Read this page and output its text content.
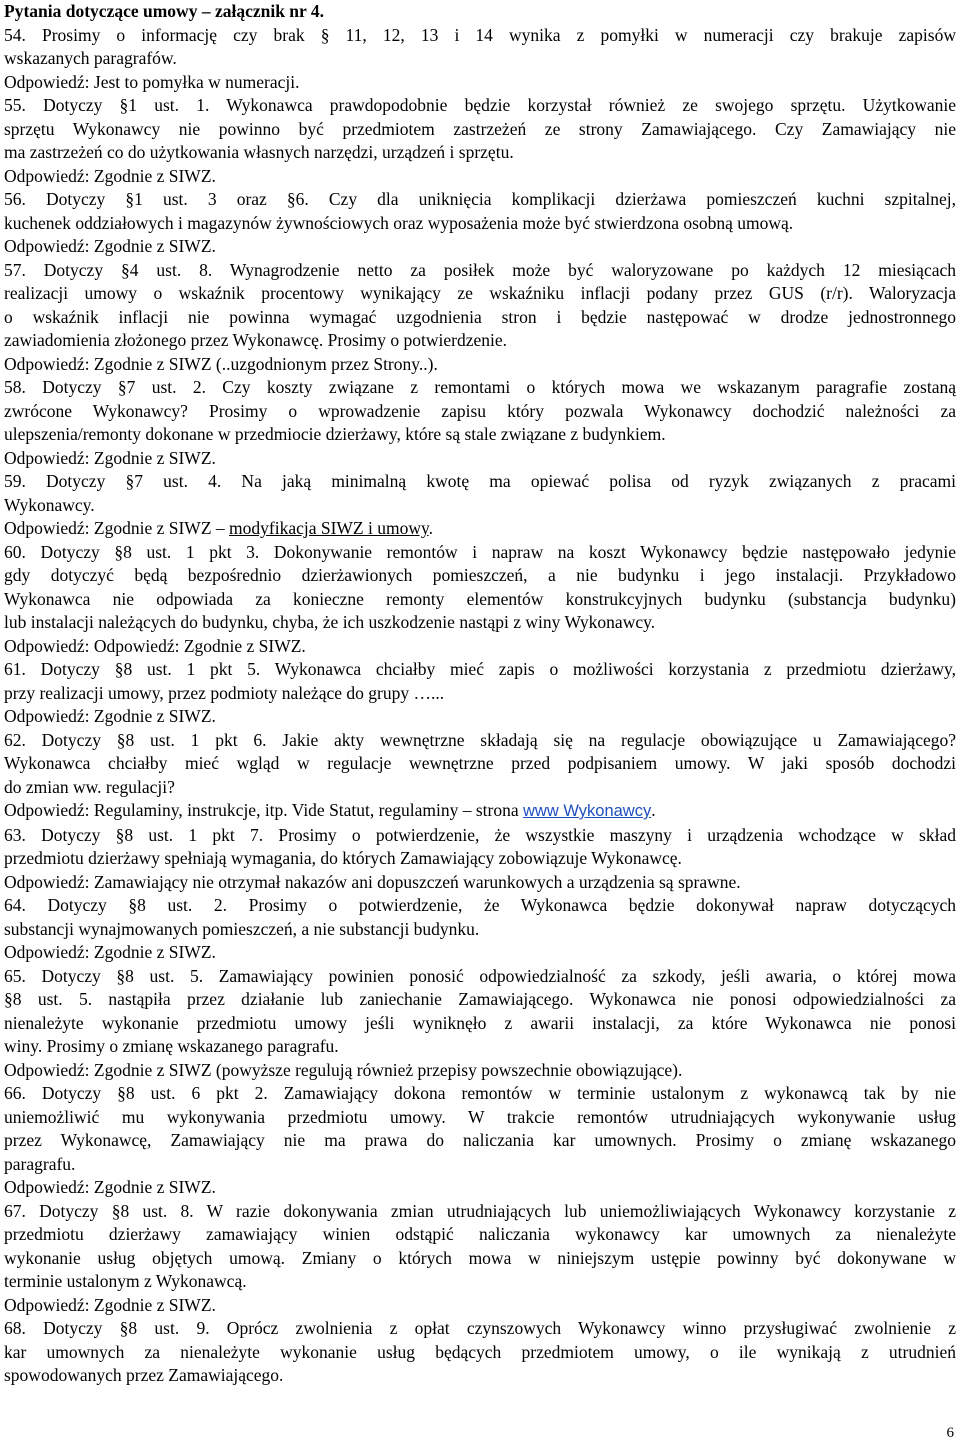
Pytania dotyczące umowy – załącznik nr 4.

54. Prosimy o informację czy brak § 11, 12, 13 i 14 wynika z pomyłki w numeracji czy brakuje zapisów

wskazanych paragrafów.

Odpowiedź: Jest to pomyłka w numeracji.

55. Dotyczy §1 ust. 1. Wykonawca prawdopodobnie będzie korzystał również ze swojego sprzętu. Użytkowanie

sprzętu Wykonawcy nie powinno być przedmiotem zastrzeżeń ze strony Zamawiającego. Czy Zamawiający nie

ma zastrzeżeń co do użytkowania własnych narzędzi, urządzeń i sprzętu.

Odpowiedź: Zgodnie z SIWZ.

56. Dotyczy §1 ust. 3 oraz §6. Czy dla uniknięcia komplikacji dzierżawa pomieszczeń kuchni szpitalnej,

kuchenek oddziałowych i magazynów żywnościowych oraz wyposażenia może być stwierdzona osobną umową.

Odpowiedź: Zgodnie z SIWZ.

57. Dotyczy §4 ust. 8. Wynagrodzenie netto za posiłek może być waloryzowane po każdych 12 miesiącach

realizacji umowy o wskaźnik procentowy wynikający ze wskaźniku inflacji podany przez GUS (r/r). Waloryzacja

o wskaźnik inflacji nie powinna wymagać uzgodnienia stron i będzie następować w drodze jednostronnego

zawiadomienia złożonego przez Wykonawcę. Prosimy o potwierdzenie.

Odpowiedź: Zgodnie z SIWZ (..uzgodnionym przez Strony..).

58. Dotyczy §7 ust. 2. Czy koszty związane z remontami o których mowa we wskazanym paragrafie zostaną

zwrócone Wykonawcy? Prosimy o wprowadzenie zapisu który pozwala Wykonawcy dochodzić należności za

ulepszenia/remonty dokonane w przedmiocie dzierżawy, które są stale związane z budynkiem.

Odpowiedź: Zgodnie z SIWZ.

59. Dotyczy §7 ust. 4. Na jaką minimalną kwotę ma opiewać polisa od ryzyk związanych z pracami

Wykonawcy.

Odpowiedź: Zgodnie z SIWZ – modyfikacja SIWZ i umowy.

60. Dotyczy §8 ust. 1 pkt 3. Dokonywanie remontów i napraw na koszt Wykonawcy będzie następowało jedynie

gdy dotyczyć będą bezpośrednio dzierżawionych pomieszczeń, a nie budynku i jego instalacji. Przykładowo

Wykonawca nie odpowiada za konieczne remonty elementów konstrukcyjnych budynku (substancja budynku)

lub instalacji należących do budynku, chyba, że ich uszkodzenie nastąpi z winy Wykonawcy.

Odpowiedź: Odpowiedź: Zgodnie z SIWZ.

61. Dotyczy §8 ust. 1 pkt 5. Wykonawca chciałby mieć zapis o możliwości korzystania z przedmiotu dzierżawy,

przy realizacji umowy, przez podmioty należące do grupy …...

Odpowiedź: Zgodnie z SIWZ.

62. Dotyczy §8 ust. 1 pkt 6. Jakie akty wewnętrzne składają się na regulacje obowiązujące u Zamawiającego?

Wykonawca chciałby mieć wgląd w regulacje wewnętrzne przed podpisaniem umowy. W jaki sposób dochodzi

do zmian ww. regulacji?

Odpowiedź: Regulaminy, instrukcje, itp. Vide Statut, regulaminy – strona www Wykonawcy.

63. Dotyczy §8 ust. 1 pkt 7. Prosimy o potwierdzenie, że wszystkie maszyny i urządzenia wchodzące w skład

przedmiotu dzierżawy spełniają wymagania, do których Zamawiający zobowiązuje Wykonawcę.

Odpowiedź: Zamawiający nie otrzymał nakazów ani dopuszczeń warunkowych a urządzenia są sprawne.

64. Dotyczy §8 ust. 2. Prosimy o potwierdzenie, że Wykonawca będzie dokonywał napraw dotyczących

substancji wynajmowanych pomieszczeń, a nie substancji budynku.

Odpowiedź: Zgodnie z SIWZ.

65. Dotyczy §8 ust. 5. Zamawiający powinien ponosić odpowiedzialność za szkody, jeśli awaria, o której mowa

§8 ust. 5. nastąpiła przez działanie lub zaniechanie Zamawiającego. Wykonawca nie ponosi odpowiedzialności za

nienależyte wykonanie przedmiotu umowy jeśli wyniknęło z awarii instalacji, za które Wykonawca nie ponosi

winy. Prosimy o zmianę wskazanego paragrafu.

Odpowiedź: Zgodnie z SIWZ (powyższe regulują również przepisy powszechnie obowiązujące).

66. Dotyczy §8 ust. 6 pkt 2. Zamawiający dokona remontów w terminie ustalonym z wykonawcą tak by nie

uniemożliwić mu wykonywania przedmiotu umowy. W trakcie remontów utrudniających wykonywanie usług

przez Wykonawcę, Zamawiający nie ma prawa do naliczania kar umownych. Prosimy o zmianę wskazanego

paragrafu.

Odpowiedź: Zgodnie z SIWZ.

67. Dotyczy §8 ust. 8. W razie dokonywania zmian utrudniających lub uniemożliwiających Wykonawcy korzystanie z

przedmiotu dzierżawy zamawiający winien odstąpić naliczania wykonawcy kar umownych za nienależyte

wykonanie usług objętych umową. Zmiany o których mowa w niniejszym ustępie powinny być dokonywane w

terminie ustalonym z Wykonawcą.

Odpowiedź: Zgodnie z SIWZ.

68. Dotyczy §8 ust. 9. Oprócz zwolnienia z opłat czynszowych Wykonawcy winno przysługiwać zwolnienie z

kar umownych za nienależyte wykonanie usług będących przedmiotem umowy, o ile wynikają z utrudnień

spowodowanych przez Zamawiającego.

6
